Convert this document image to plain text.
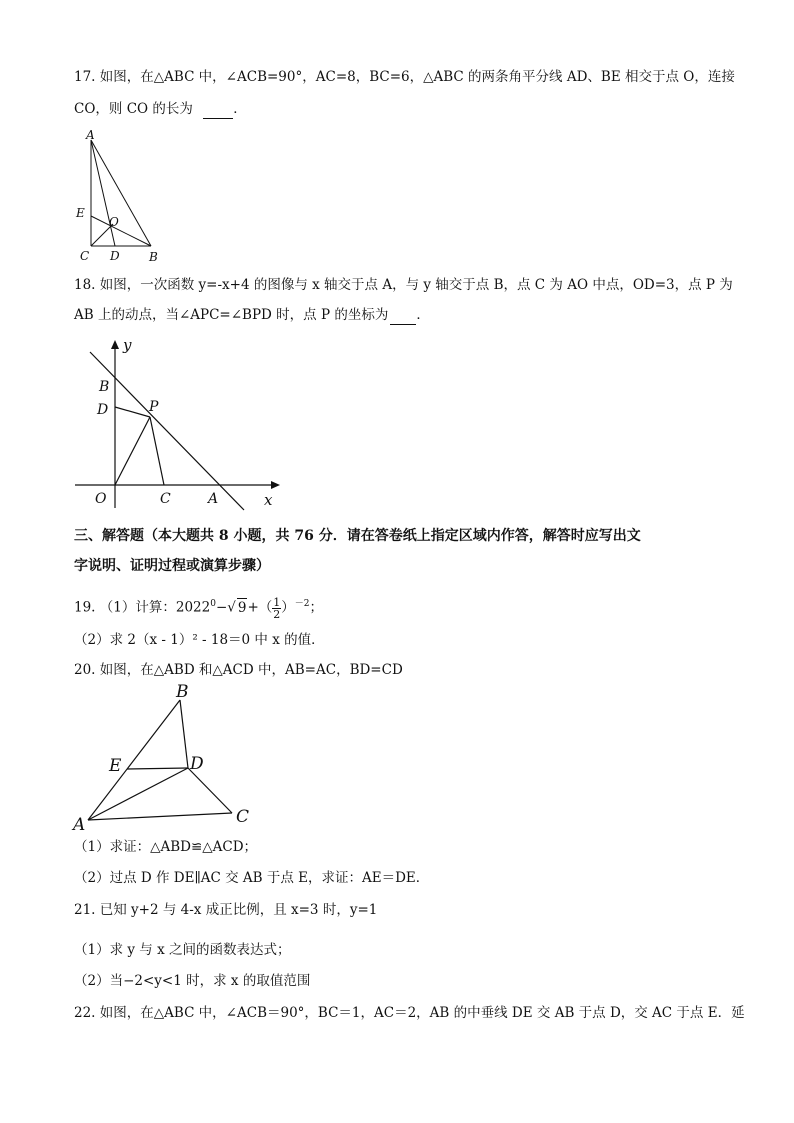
17. 如图，在△ABC 中，∠ACB=90°，AC=8，BC=6，△ABC 的两条角平分线 AD、BE 相交于点 O，连接
CO，则 CO 的长为	．
A
E
O
C D B
18. 如图，一次函数 y=-x+4 的图像与 x 轴交于点 A，与 y 轴交于点 B，点 C 为 AO 中点，OD=3，点 P 为
AB 上的动点，当∠APC=∠BPD 时，点 P 的坐标为 ．
y
x
B
D	P
O	C	A
三、解答题（本大题共 8 小题，共 76 分．请在答卷纸上指定区域内作答，解答时应写出文
字说明、证明过程或演算步骤）
19. （1）计算：$2022^0-√$ $9+( \frac{1}{2} )^{-2}$；
（2）求 2（x - 1）² - 18＝0 中 x 的值．
20. 如图，在△ABD 和△ACD 中，AB=AC，BD=CD
B
E	D
A	C
（1）求证：△ABD≌△ACD；
（2）过点 D 作 DE∥AC 交 AB 于点 E，求证：AE＝DE．
21. 已知 y+2 与 4-x 成正比例，且 x=3 时，y=1
（1）求 y 与 x 之间的函数表达式；
（2）当−2<y<1 时，求 x 的取值范围
22. 如图，在△ABC 中，∠ACB＝90°，BC＝1，AC＝2，AB 的中垂线 DE 交 AB 于点 D，交 AC 于点 E．延
